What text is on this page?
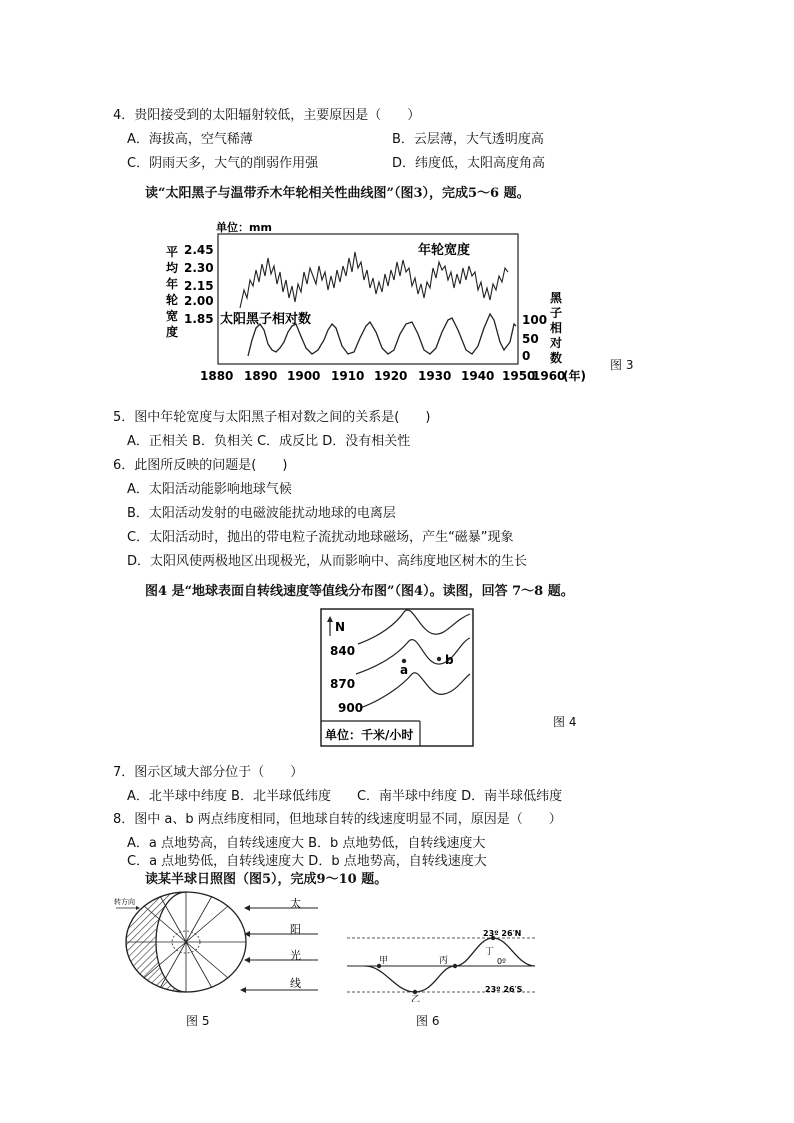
4．贵阳接受到的太阳辐射较低，主要原因是（　　）
A．海拔高，空气稀薄	B．云层薄，大气透明度高
C．阴雨天多，大气的削弱作用强	D．纬度低，太阳高度角高
读“太阳黑子与温带乔木年轮相关性曲线图”（图3），完成5～6 题。
单位：mm
平
均
年
轮
宽
度
2.45
2.30
2.15
2.00
1.85
年轮宽度
太阳黑子相对数	100
50
0
黑
子
相
对
数
1880 1890 1900 1910 1920 1930 1940 1950
1960
(年)
图 3
5．图中年轮宽度与太阳黑子相对数之间的关系是(　　)
A．正相关 B．负相关 C．成反比 D．没有相关性
6．此图所反映的问题是(　　)
A．太阳活动能影响地球气候
B．太阳活动发射的电磁波能扰动地球的电离层
C．太阳活动时，抛出的带电粒子流扰动地球磁场，产生“磁暴”现象
D．太阳风使两极地区出现极光，从而影响中、高纬度地区树木的生长
图4 是“地球表面自转线速度等值线分布图”（图4）。读图，回答 7～8 题。
N
840
870
900
a
b
单位：千米/小时
图 4
7．图示区域大部分位于（　　）
A．北半球中纬度 B．北半球低纬度　　C．南半球中纬度 D．南半球低纬度
8．图中 a、b 两点纬度相同，但地球自转的线速度明显不同，原因是（　　）
A．a 点地势高，自转线速度大 B．b 点地势低，自转线速度大
C．a 点地势低，自转线速度大 D．b 点地势高，自转线速度大
读某半球日照图（图5），完成9～10 题。
转方向	太
阳
光
线
图 5
甲
乙
丙
丁
23º 26′N
0º
23º 26′S
图 6
